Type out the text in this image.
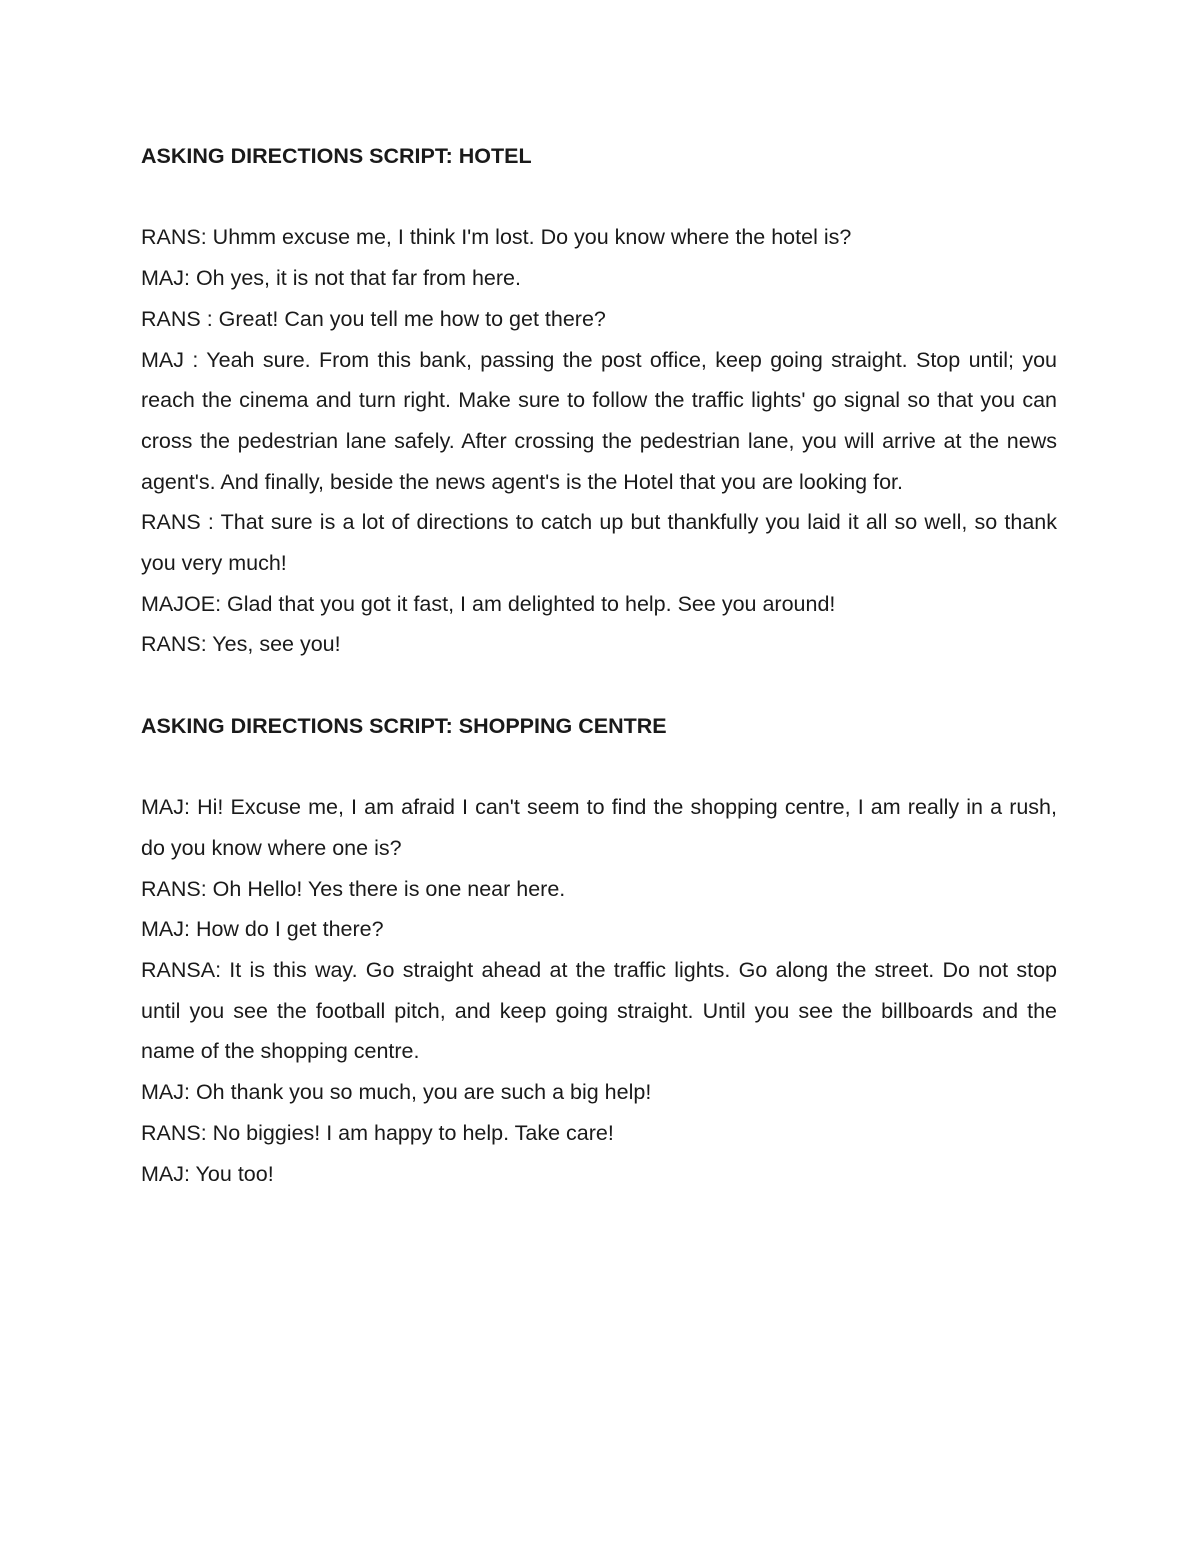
ASKING DIRECTIONS SCRIPT: HOTEL

RANS: Uhmm excuse me, I think I'm lost. Do you know where the hotel is?

MAJ: Oh yes, it is not that far from here.

RANS : Great! Can you tell me how to get there?

MAJ : Yeah sure. From this bank, passing the post office, keep going straight. Stop until; you reach the cinema and turn right. Make sure to follow the traffic lights' go signal so that you can cross the pedestrian lane safely. After crossing the pedestrian lane, you will arrive at the news agent's. And finally, beside the news agent's is the Hotel that you are looking for.

RANS : That sure is a lot of directions to catch up but thankfully you laid it all so well, so thank you very much!

MAJOE: Glad that you got it fast, I am delighted to help. See you around!

RANS: Yes, see you!

ASKING DIRECTIONS SCRIPT: SHOPPING CENTRE

MAJ: Hi! Excuse me, I am afraid I can't seem to find the shopping centre, I am really in a rush, do you know where one is?

RANS: Oh Hello! Yes there is one near here.

MAJ: How do I get there?

RANSA: It is this way. Go straight ahead at the traffic lights. Go along the street. Do not stop until you see the football pitch, and keep going straight. Until you see the billboards and the name of the shopping centre.

MAJ: Oh thank you so much, you are such a big help!

RANS: No biggies! I am happy to help. Take care!

MAJ: You too!
